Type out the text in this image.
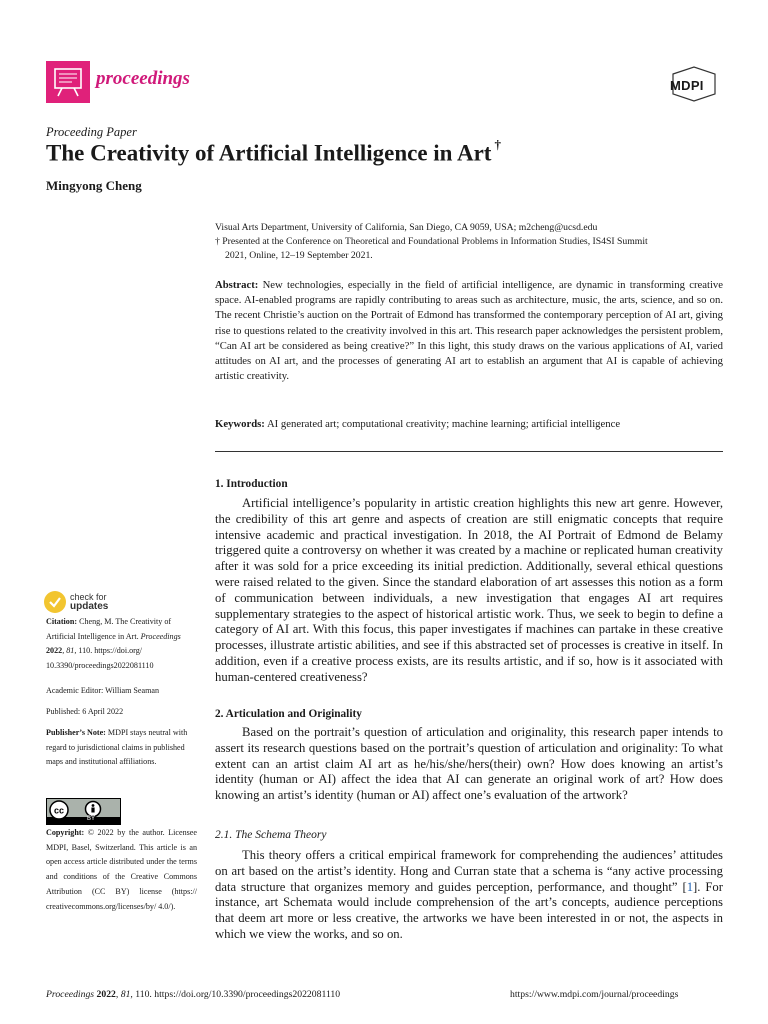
proceedings	MDPI
Proceeding Paper
The Creativity of Artificial Intelligence in Art †
Mingyong Cheng
Visual Arts Department, University of California, San Diego, CA 9059, USA; m2cheng@ucsd.edu
† Presented at the Conference on Theoretical and Foundational Problems in Information Studies, IS4SI Summit
2021, Online, 12–19 September 2021.
Abstract: New technologies, especially in the field of artificial intelligence, are dynamic in transforming creative space. AI-enabled programs are rapidly contributing to areas such as architecture, music, the arts, science, and so on. The recent Christie’s auction on the Portrait of Edmond has transformed the contemporary perception of AI art, giving rise to questions related to the creativity involved in this art. This research paper acknowledges the persistent problem, “Can AI art be considered as being creative?” In this light, this study draws on the various applications of AI, varied attitudes on AI art, and the processes of generating AI art to establish an argument that AI is capable of achieving artistic creativity.
Keywords: AI generated art; computational creativity; machine learning; artificial intelligence
1. Introduction
Artificial intelligence’s popularity in artistic creation highlights this new art genre. However, the credibility of this art genre and aspects of creation are still enigmatic concepts that require intensive academic and practical investigation. In 2018, the AI Portrait of Edmond de Belamy triggered quite a controversy on whether it was created by a machine or replicated human creativity after it was sold for a price exceeding its initial prediction. Additionally, several ethical questions were raised related to the given. Since the standard elaboration of art assesses this notion as a form of communication between individuals, a new investigation that engages AI art requires supplementary strategies to the aspect of historical artistic work. Thus, we seek to begin to define a category of AI art. With this focus, this paper investigates if machines can partake in these creative processes, illustrate artistic abilities, and see if this abstracted set of processes is creative in itself. In addition, even if a creative process exists, are its results artistic, and if so, how is it associated with human-centered creativeness?
2. Articulation and Originality
Based on the portrait’s question of articulation and originality, this research paper intends to assert its research questions based on the portrait’s question of articulation and originality: To what extent can an artist claim AI art as he/his/she/hers(their) own? How does knowing an artist’s identity (human or AI) affect the idea that AI can generate an original work of art? How does knowing an artist’s identity (human or AI) affect one’s evaluation of the artwork?
2.1. The Schema Theory
This theory offers a critical empirical framework for comprehending the audiences’ attitudes on art based on the artist’s identity. Hong and Curran state that a schema is “any active processing data structure that organizes memory and guides perception, performance, and thought” [1]. For instance, art Schemata would include comprehension of the art’s concepts, audience perceptions that deem art more or less creative, the artworks we have been interested in or not, the aspects in which we view the works, and so on.
check for
updates
Citation: Cheng, M. The Creativity of Artificial Intelligence in Art. Proceedings
2022, 81, 110. https://doi.org/ 10.3390/proceedings2022081110
Academic Editor: William Seaman
Published: 6 April 2022
Publisher’s Note: MDPI stays neutral with regard to jurisdictional claims in published maps and institutional affiliations.
cc
BY
Copyright: © 2022 by the author. Licensee MDPI, Basel, Switzerland. This article is an open access article distributed under the terms and conditions of the Creative Commons Attribution (CC BY) license (https:// creativecommons.org/licenses/by/ 4.0/).
Proceedings 2022, 81, 110. https://doi.org/10.3390/proceedings2022081110	https://www.mdpi.com/journal/proceedings
